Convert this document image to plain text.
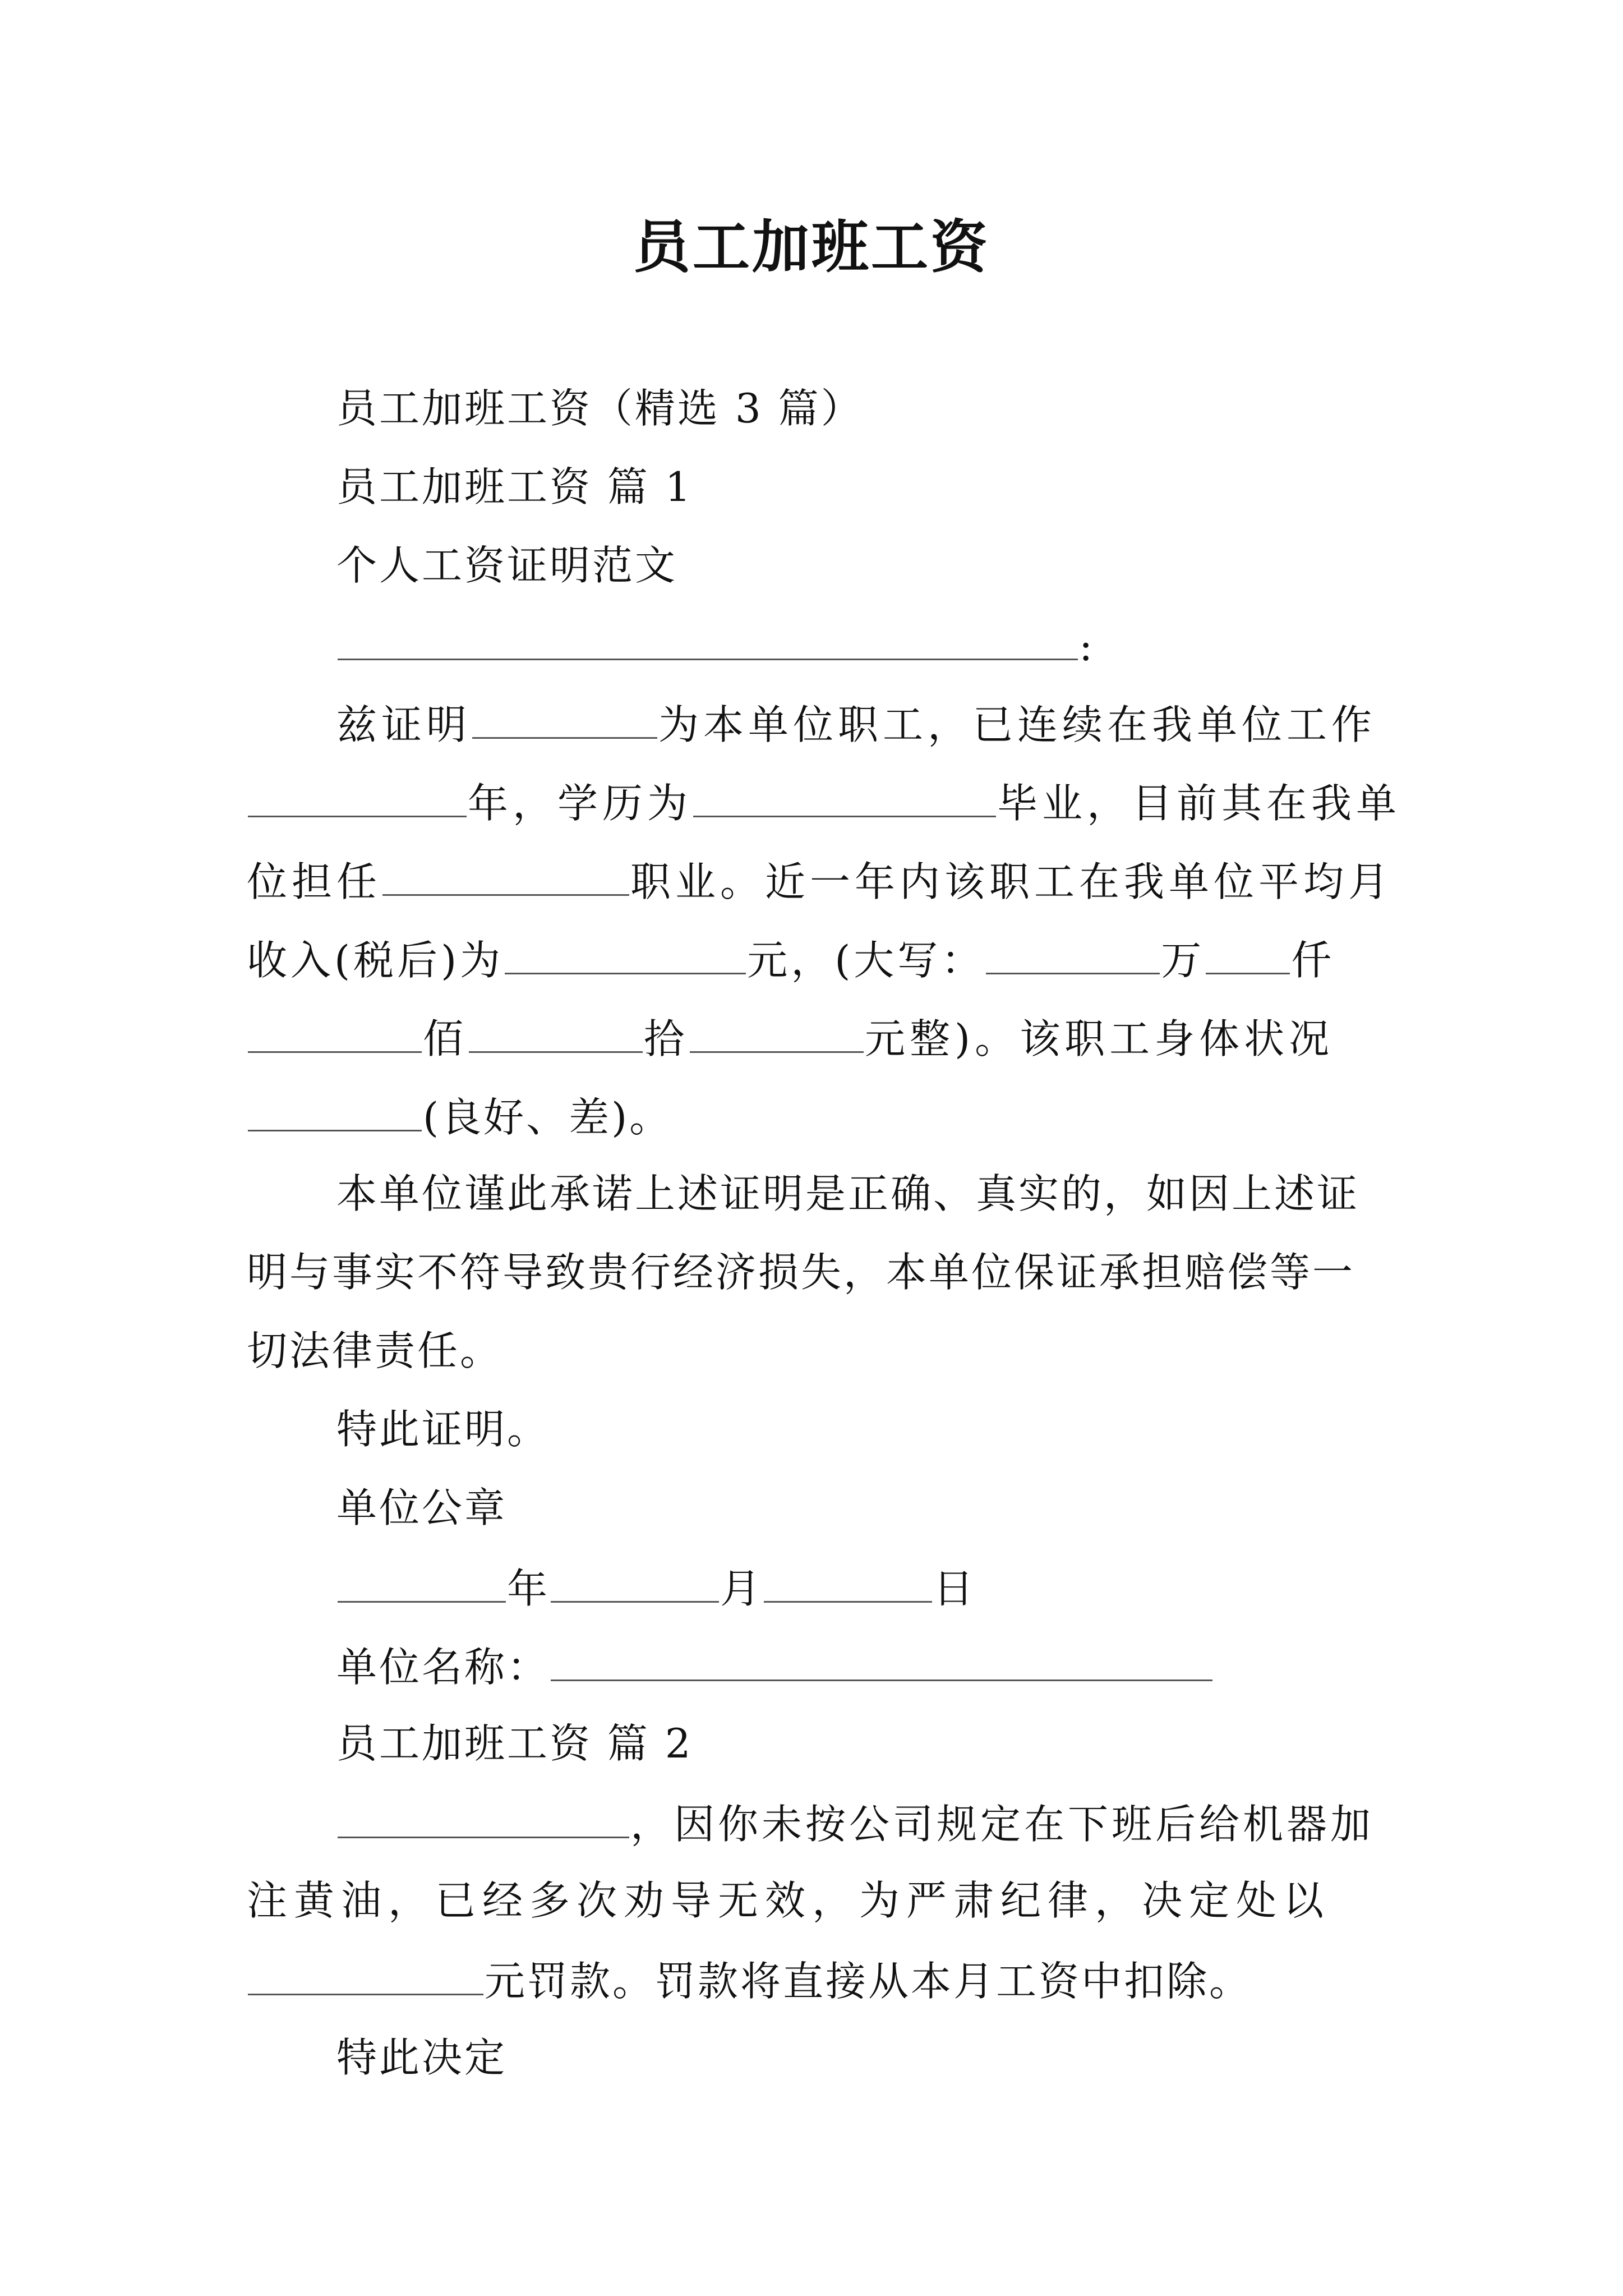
员工加班工资
员工加班工资（精选 3 篇）
员工加班工资 篇 1
个人工资证明范文
:
兹证明	为本单位职工，已连续在我单位工作
年，学历为	毕业，目前其在我单
位担任	职业。近一年内该职工在我单位平均月
收入(税后)为	元，(大写：	万 仟
佰	拾	元整)。该职工身体状况
(良好、差)。
本单位谨此承诺上述证明是正确、真实的，如因上述证
明与事实不符导致贵行经济损失，本单位保证承担赔偿等一
切法律责任。
特此证明。
单位公章
年	月	日
单位名称：
员工加班工资 篇 2
，因你未按公司规定在下班后给机器加
注黄油，已经多次劝导无效，为严肃纪律，决定处以
元罚款。罚款将直接从本月工资中扣除。
特此决定
